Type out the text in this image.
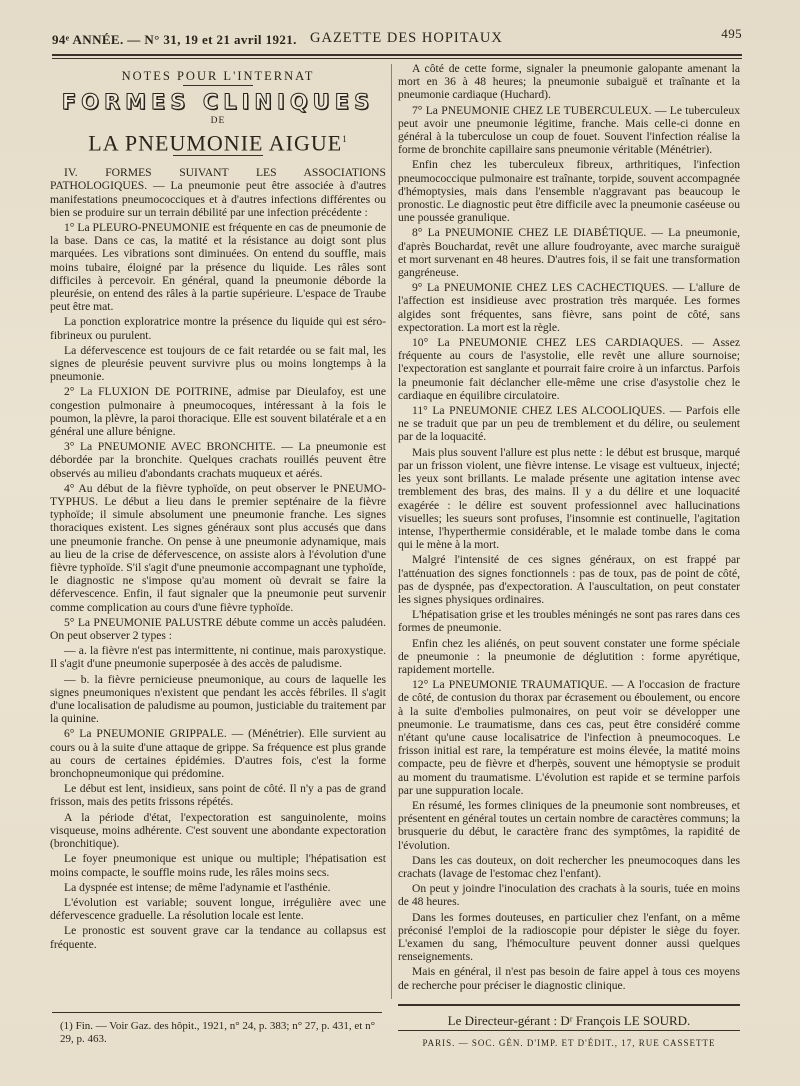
94ᵉ ANNÉE. — N° 31, 19 et 21 avril 1921. GAZETTE DES HOPITAUX	495
NOTES POUR L'INTERNAT
FORMES CLINIQUES
DE
LA PNEUMONIE AIGUE$^1$

IV. FORMES SUIVANT LES ASSOCIATIONS PATHOLOGIQUES. — La pneumonie peut être associée à d'autres manifestations pneumococciques et à d'autres infections différentes ou bien se produire sur un terrain débilité par une infection précédente :

1° La PLEURO-PNEUMONIE est fréquente en cas de pneumonie de la base. Dans ce cas, la matité et la résistance au doigt sont plus marquées. Les vibrations sont diminuées. On entend du souffle, mais moins tubaire, éloigné par la présence du liquide. Les râles sont difficiles à percevoir. En général, quand la pneumonie déborde la pleurésie, on entend des râles à la partie supérieure. L'espace de Traube peut être mat.

La ponction exploratrice montre la présence du liquide qui est séro-fibrineux ou purulent.

La défervescence est toujours de ce fait retardée ou se fait mal, les signes de pleurésie peuvent survivre plus ou moins longtemps à la pneumonie.

2° La FLUXION DE POITRINE, admise par Dieulafoy, est une congestion pulmonaire à pneumocoques, intéressant à la fois le poumon, la plèvre, la paroi thoracique. Elle est souvent bilatérale et a en général une allure bénigne.

3° La PNEUMONIE AVEC BRONCHITE. — La pneumonie est débordée par la bronchite. Quelques crachats rouillés peuvent être observés au milieu d'abondants crachats muqueux et aérés.

4° Au début de la fièvre typhoïde, on peut observer le PNEUMO-TYPHUS. Le début a lieu dans le premier septénaire de la fièvre typhoïde; il simule absolument une pneumonie franche. Les signes thoraciques existent. Les signes généraux sont plus accusés que dans une pneumonie franche. On pense à une pneumonie adynamique, mais au lieu de la crise de défervescence, on assiste alors à l'évolution d'une fièvre typhoïde. S'il s'agit d'une pneumonie accompagnant une typhoïde, le diagnostic ne s'impose qu'au moment où devrait se faire la défervescence. Enfin, il faut signaler que la pneumonie peut survenir comme complication au cours d'une fièvre typhoïde.

5° La PNEUMONIE PALUSTRE débute comme un accès paludéen. On peut observer 2 types :

— a. la fièvre n'est pas intermittente, ni continue, mais paroxystique. Il s'agit d'une pneumonie superposée à des accès de paludisme.

— b. la fièvre pernicieuse pneumonique, au cours de laquelle les signes pneumoniques n'existent que pendant les accès fébriles. Il s'agit d'une localisation de paludisme au poumon, justiciable du traitement par la quinine.

6° La PNEUMONIE GRIPPALE. — (Ménétrier). Elle survient au cours ou à la suite d'une attaque de grippe. Sa fréquence est plus grande au cours de certaines épidémies. D'autres fois, c'est la forme bronchopneumonique qui prédomine.

Le début est lent, insidieux, sans point de côté. Il n'y a pas de grand frisson, mais des petits frissons répétés.

A la période d'état, l'expectoration est sanguinolente, moins visqueuse, moins adhérente. C'est souvent une abondante expectoration (bronchitique).

Le foyer pneumonique est unique ou multiple; l'hépatisation est moins compacte, le souffle moins rude, les râles moins secs.

La dyspnée est intense; de même l'adynamie et l'asthénie.

L'évolution est variable; souvent longue, irrégulière avec une défervescence graduelle. La résolution locale est lente.

Le pronostic est souvent grave car la tendance au collapsus est fréquente.

A côté de cette forme, signaler la pneumonie galopante amenant la mort en 36 à 48 heures; la pneumonie subaiguë et traînante et la pneumonie cardiaque (Huchard).

7° La PNEUMONIE CHEZ LE TUBERCULEUX. — Le tuberculeux peut avoir une pneumonie légitime, franche. Mais celle-ci donne en général à la tuberculose un coup de fouet. Souvent l'infection réalise la forme de bronchite capillaire sans pneumonie véritable (Ménétrier).

Enfin chez les tuberculeux fibreux, arthritiques, l'infection pneumococcique pulmonaire est traînante, torpide, souvent accompagnée d'hémoptysies, mais dans l'ensemble n'aggravant pas beaucoup le pronostic. Le diagnostic peut être difficile avec la pneumonie caséeuse ou une poussée granulique.

8° La PNEUMONIE CHEZ LE DIABÉTIQUE. — La pneumonie, d'après Bouchardat, revêt une allure foudroyante, avec marche suraiguë et mort survenant en 48 heures. D'autres fois, il se fait une transformation gangréneuse.

9° La PNEUMONIE CHEZ LES CACHECTIQUES. — L'allure de l'affection est insidieuse avec prostration très marquée. Les formes algides sont fréquentes, sans fièvre, sans point de côté, sans expectoration. La mort est la règle.

10° La PNEUMONIE CHEZ LES CARDIAQUES. — Assez fréquente au cours de l'asystolie, elle revêt une allure sournoise; l'expectoration est sanglante et pourrait faire croire à un infarctus. Parfois la pneumonie fait déclancher elle-même une crise d'asystolie chez le cardiaque en équilibre circulatoire.

11° La PNEUMONIE CHEZ LES ALCOOLIQUES. — Parfois elle ne se traduit que par un peu de tremblement et du délire, ou seulement par de la loquacité.

Mais plus souvent l'allure est plus nette : le début est brusque, marqué par un frisson violent, une fièvre intense. Le visage est vultueux, injecté; les yeux sont brillants. Le malade présente une agitation intense avec tremblement des bras, des mains. Il y a du délire et une loquacité exagérée : le délire est souvent professionnel avec hallucinations visuelles; les sueurs sont profuses, l'insomnie est continuelle, l'agitation intense, l'hyperthermie considérable, et le malade tombe dans le coma qui le mène à la mort.

Malgré l'intensité de ces signes généraux, on est frappé par l'atténuation des signes fonctionnels : pas de toux, pas de point de côté, pas de dyspnée, pas d'expectoration. A l'auscultation, on peut constater les signes physiques ordinaires.

L'hépatisation grise et les troubles méningés ne sont pas rares dans ces formes de pneumonie.

Enfin chez les aliénés, on peut souvent constater une forme spéciale de pneumonie : la pneumonie de déglutition : forme apyrétique, rapidement mortelle.

12° La PNEUMONIE TRAUMATIQUE. — A l'occasion de fracture de côté, de contusion du thorax par écrasement ou éboulement, ou encore à la suite d'embolies pulmonaires, on peut voir se développer une pneumonie. Le traumatisme, dans ces cas, peut être considéré comme n'étant qu'une cause localisatrice de l'infection à pneumocoques. Le frisson initial est rare, la température est moins élevée, la matité moins compacte, peu de fièvre et d'herpès, souvent une hémoptysie se produit au moment du traumatisme. L'évolution est rapide et se termine parfois par une suppuration locale.

En résumé, les formes cliniques de la pneumonie sont nombreuses, et présentent en général toutes un certain nombre de caractères communs; la brusquerie du début, le caractère franc des symptômes, la rapidité de l'évolution.

Dans les cas douteux, on doit rechercher les pneumocoques dans les crachats (lavage de l'estomac chez l'enfant).

On peut y joindre l'inoculation des crachats à la souris, tuée en moins de 48 heures.

Dans les formes douteuses, en particulier chez l'enfant, on a même préconisé l'emploi de la radioscopie pour dépister le siège du foyer. L'examen du sang, l'hémoculture peuvent donner aussi quelques renseignements.

Mais en général, il n'est pas besoin de faire appel à tous ces moyens de recherche pour préciser le diagnostic clinique.

(1) Fin. — Voir Gaz. des hôpit., 1921, n° 24, p. 383; n° 27, p. 431, et n° 29, p. 463.
Le Directeur-gérant : Dʳ François LE SOURD.
PARIS. — SOC. GÉN. D'IMP. ET D'ÉDIT., 17, RUE CASSETTE
